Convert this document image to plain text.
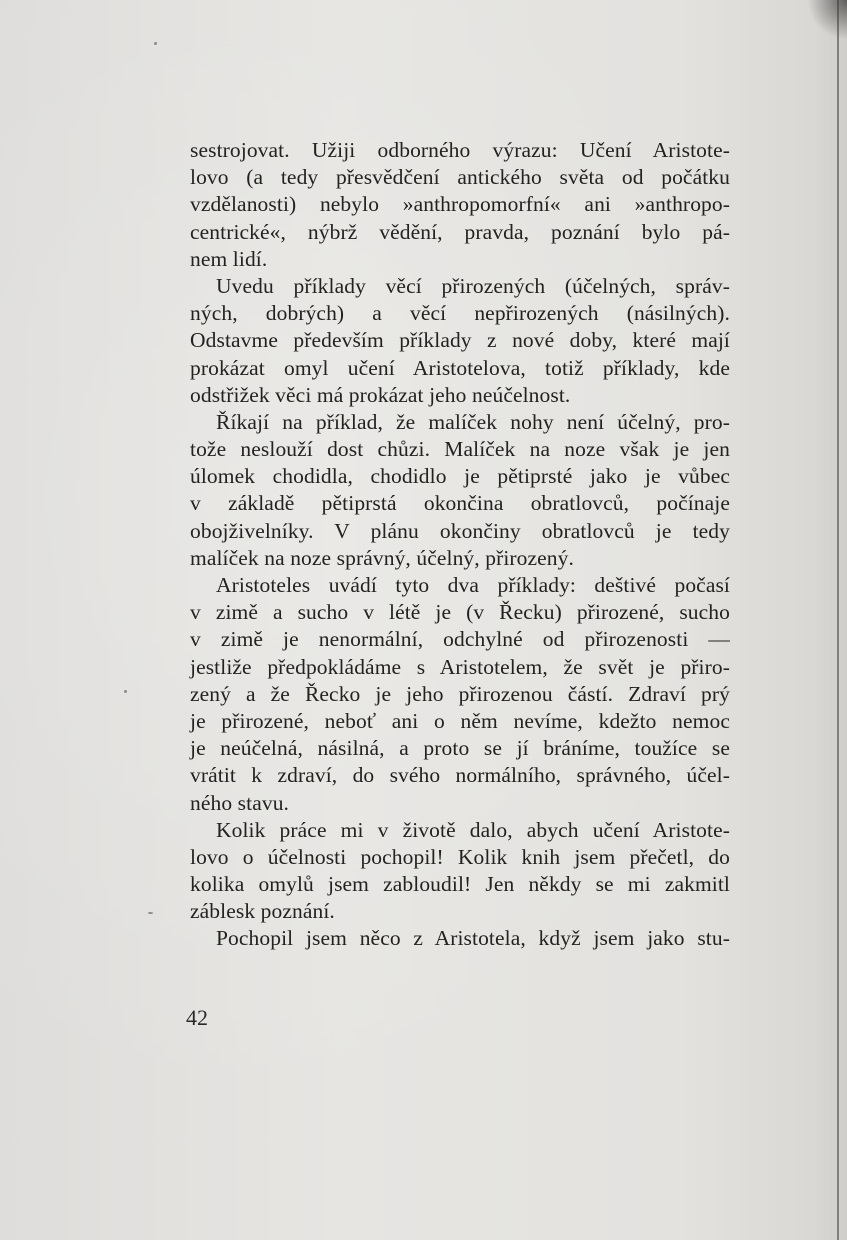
sestrojovat. Užiji odborného výrazu: Učení Aristote-
lovo (a tedy přesvědčení antického světa od počátku
vzdělanosti) nebylo »anthropomorfní« ani »anthropo-
centrické«, nýbrž vědění, pravda, poznání bylo pá-
nem lidí.
Uvedu příklady věcí přirozených (účelných, správ-
ných, dobrých) a věcí nepřirozených (násilných).
Odstavme především příklady z nové doby, které mají
prokázat omyl učení Aristotelova, totiž příklady, kde
odstřižek věci má prokázat jeho neúčelnost.
Říkají na příklad, že malíček nohy není účelný, pro-
tože neslouží dost chůzi. Malíček na noze však je jen
úlomek chodidla, chodidlo je pětiprsté jako je vůbec
v základě pětiprstá okončina obratlovců, počínaje
obojživelníky. V plánu okončiny obratlovců je tedy
malíček na noze správný, účelný, přirozený.
Aristoteles uvádí tyto dva příklady: deštivé počasí
v zimě a sucho v létě je (v Řecku) přirozené, sucho
v zimě je nenormální, odchylné od přirozenosti —
jestliže předpokládáme s Aristotelem, že svět je přiro-
zený a že Řecko je jeho přirozenou částí. Zdraví prý
je přirozené, neboť ani o něm nevíme, kdežto nemoc
je neúčelná, násilná, a proto se jí bráníme, toužíce se
vrátit k zdraví, do svého normálního, správného, účel-
ného stavu.
Kolik práce mi v životě dalo, abych učení Aristote-
lovo o účelnosti pochopil! Kolik knih jsem přečetl, do
kolika omylů jsem zabloudil! Jen někdy se mi zakmitl
záblesk poznání.
Pochopil jsem něco z Aristotela, když jsem jako stu-
42
